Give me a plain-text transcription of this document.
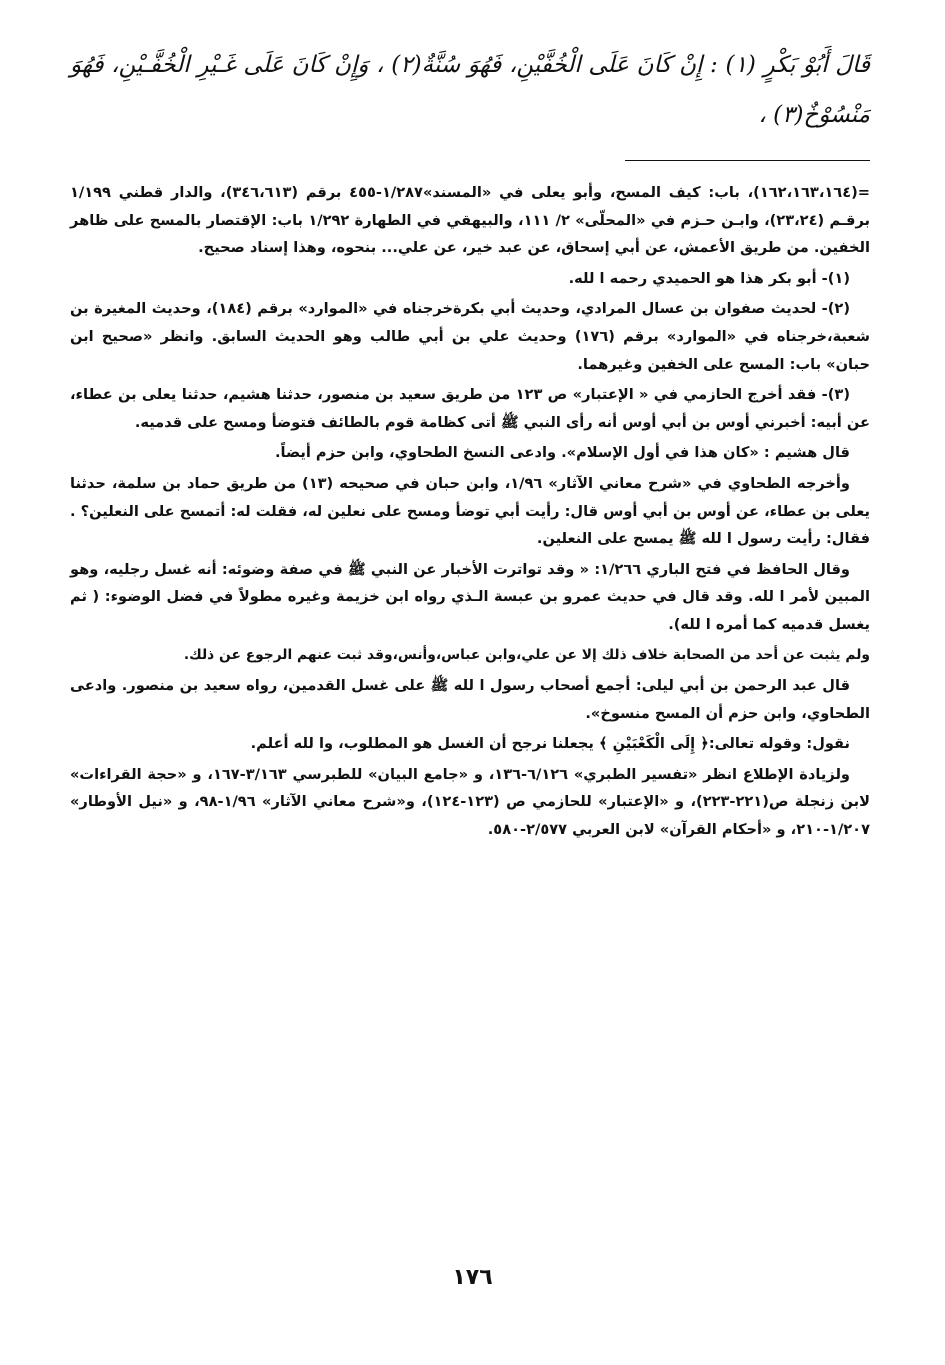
قَالَ أَبُوْ بَكْرٍ (١) : إِنْ كَانَ عَلَى الْخُفَّيْنِ، فَهُوَ سُنَّةٌ(٢) ، وَإِنْ كَانَ عَلَى غَـيْرِ الْخُفَّـيْنِ، فَهُوَ مَنْسُوْخٌ(٣) ،

=(١٦٢،١٦٣،١٦٤)، باب: كيف المسح، وأبو يعلى في «المسند»١/٢٨٧-٤٥٥ برقم (٣٤٦،٦١٣)، والدار قطني ١/١٩٩ برقـم (٢٣،٢٤)، وابـن حـزم في «المحلّى» ٢/ ١١١، والبيهقي في الطهارة ١/٢٩٢ باب: الإقتصار بالمسح على ظاهر الخفين. من طريق الأعمش، عن أبي إسحاق، عن عبد خير، عن علي... بنحوه، وهذا إسناد صحيح.

(١)- أبو بكر هذا هو الحميدي رحمه ا لله.

(٢)- لحديث صفوان بن عسال المرادي، وحديث أبي بكرةخرجناه في «الموارد» برقم (١٨٤)، وحديث المغيرة بن شعبة،خرجناه في «الموارد» برقم (١٧٦) وحديث علي بن أبي طالب وهو الحديث السابق. وانظر «صحيح ابن حبان» باب: المسح على الخفين وغيرهما.

(٣)- فقد أخرج الحازمي في « الإعتبار» ص ١٢٣ من طريق سعيد بن منصور، حدثنا هشيم، حدثنا يعلى بن عطاء، عن أبيه: أخبرني أوس بن أبي أوس أنه رأى النبي ﷺ أتى كظامة قوم بالطائف فتوضأ ومسح على قدميه.

قال هشيم : «كان هذا في أول الإسلام». وادعى النسخ الطحاوي، وابن حزم أيضاً.

وأخرجه الطحاوي في «شرح معاني الآثار» ١/٩٦، وابن حبان في صحيحه (١٣) من طريق حماد بن سلمة، حدثنا يعلى بن عطاء، عن أوس بن أبي أوس قال: رأيت أبي توضأ ومسح على نعلين له، فقلت له: أتمسح على النعلين؟ . فقال: رأيت رسول ا لله ﷺ يمسح على النعلين.

وقال الحافظ في فتح الباري ١/٢٦٦: « وقد تواترت الأخبار عن النبي ﷺ في صفة وضوئه: أنه غسل رجليه، وهو المبين لأمر ا لله. وقد قال في حديث عمرو بن عبسة الـذي رواه ابن خزيمة وغيره مطولاً في فضل الوضوء: ( ثم يغسل قدميه كما أمره ا لله).

ولم يثبت عن أحد من الصحابة خلاف ذلك إلا عن علي،وابن عباس،وأنس،وقد ثبت عنهم الرجوع عن ذلك.

قال عبد الرحمن بن أبي ليلى: أجمع أصحاب رسول ا لله ﷺ على غسل القدمين، رواه سعيد بن منصور. وادعى الطحاوي، وابن حزم أن المسح منسوخ».

نقول: وقوله تعالى:﴿ إِلَى الْكَعْبَيْنِ ﴾ يجعلنا نرجح أن الغسل هو المطلوب، وا لله أعلم.

ولزيادة الإطلاع انظر «تفسير الطبري» ٦/١٢٦-١٣٦، و «جامع البيان» للطبرسي ٣/١٦٣-١٦٧، و «حجة القراءات» لابن زنجلة ص(٢٢١-٢٢٣)، و «الإعتبار» للحازمي ص (١٢٣-١٢٤)، و«شرح معاني الآثار» ١/٩٦-٩٨، و «نيل الأوطار» ١/٢٠٧-٢١٠، و «أحكام القرآن» لابن العربي ٢/٥٧٧-٥٨٠.

١٧٦
